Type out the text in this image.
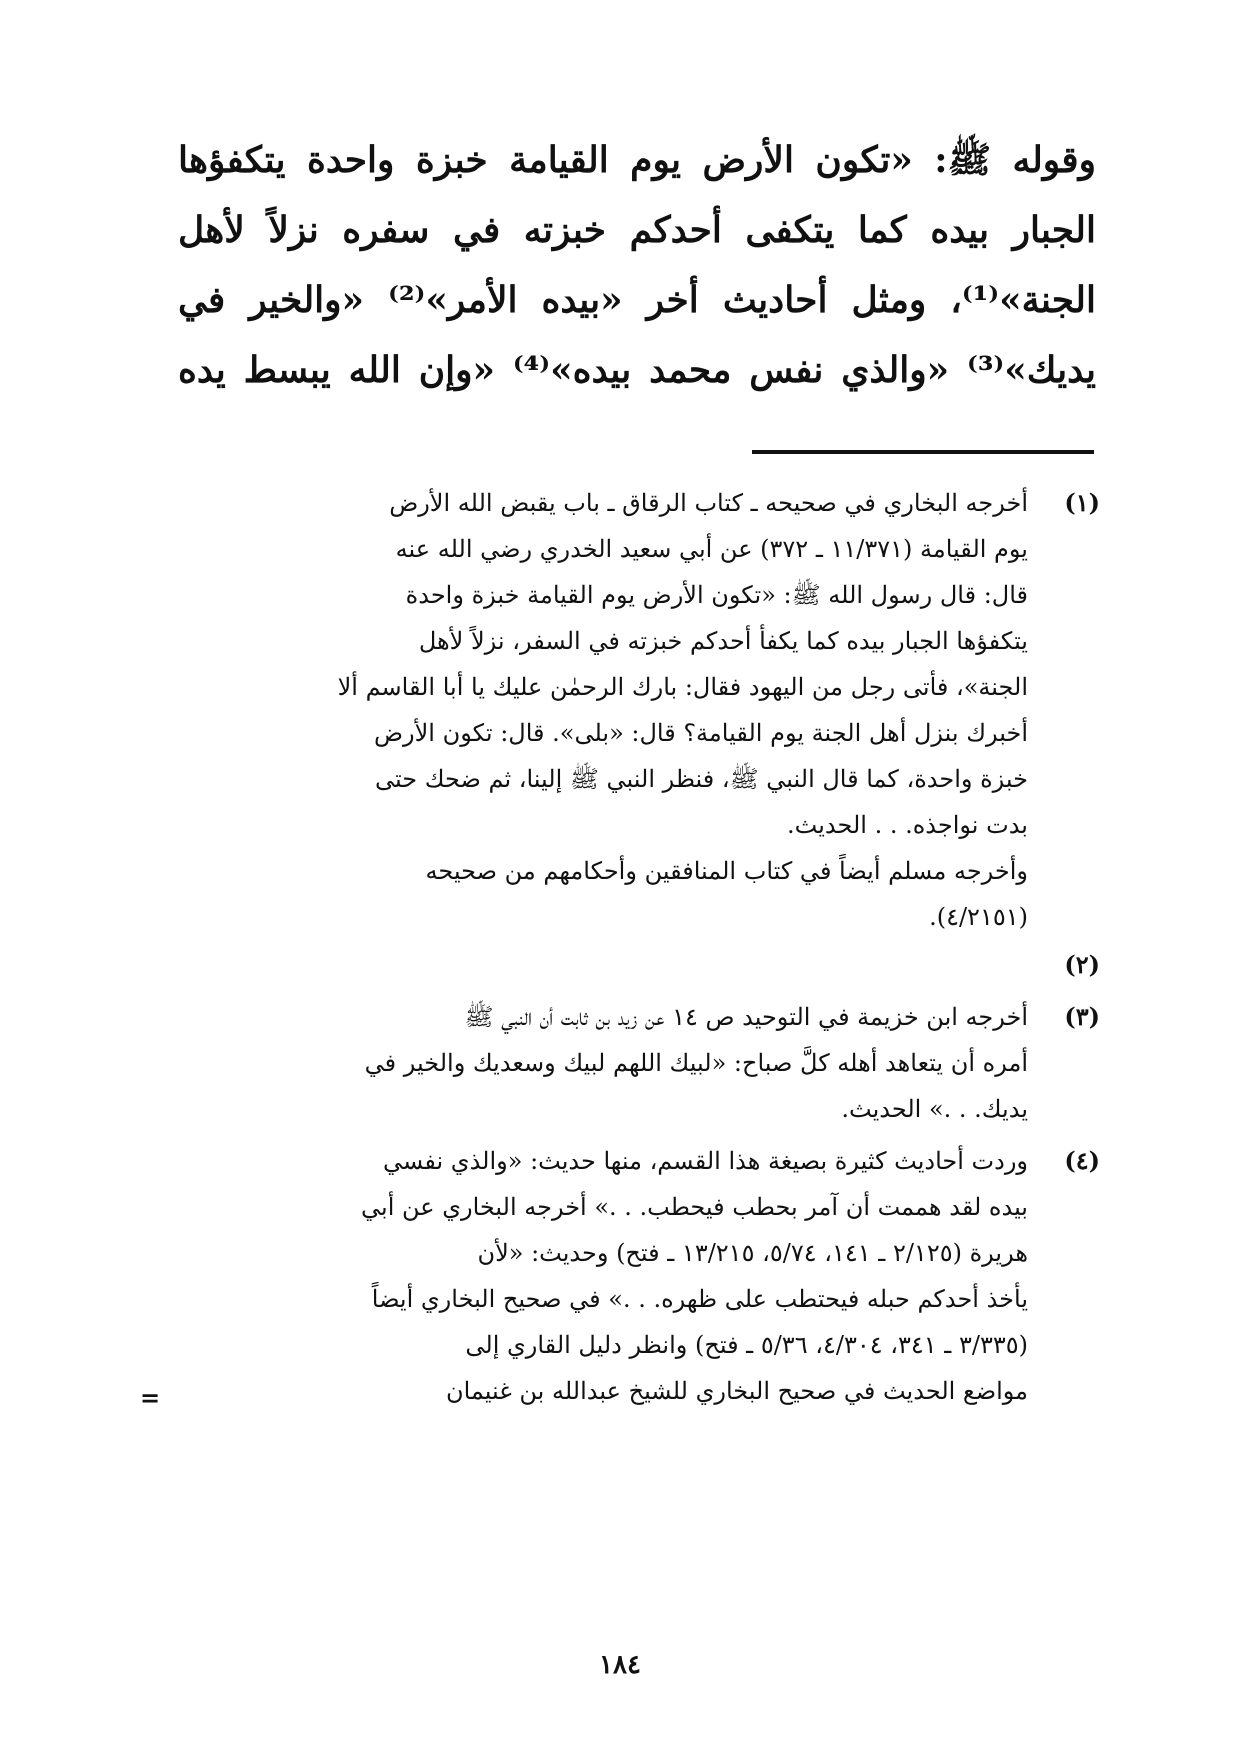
وقوله ﷺ: «تكون الأرض يوم القيامة خبزة واحدة يتكفؤها
الجبار بيده كما يتكفى أحدكم خبزته في سفره نزلاً لأهل
الجنة»⁽¹⁾، ومثل أحاديث أخر «بيده الأمر»⁽²⁾ «والخير في
يديك»⁽³⁾ «والذي نفس محمد بيده»⁽⁴⁾ «وإن الله يبسط يده
(١)
أخرجه البخاري في صحيحه ـ كتاب الرقاق ـ باب يقبض الله الأرض
يوم القيامة (١١/٣٧١ ـ ٣٧٢) عن أبي سعيد الخدري رضي الله عنه
قال: قال رسول الله ﷺ: «تكون الأرض يوم القيامة خبزة واحدة
يتكفؤها الجبار بيده كما يكفأ أحدكم خبزته في السفر، نزلاً لأهل
الجنة»، فأتى رجل من اليهود فقال: بارك الرحمٰن عليك يا أبا القاسم ألا
أخبرك بنزل أهل الجنة يوم القيامة؟ قال: «بلى». قال: تكون الأرض
خبزة واحدة، كما قال النبي ﷺ، فنظر النبي ﷺ إلينا، ثم ضحك حتى
بدت نواجذه. . . الحديث.
وأخرجه مسلم أيضاً في كتاب المنافقين وأحكامهم من صحيحه
(٤/٢١٥١).
(٢)
(٣)
أخرجه ابن خزيمة في التوحيد ص ١٤ عن زيد بن ثابت أن النبي ﷺ
أمره أن يتعاهد أهله كلَّ صباح: «لبيك اللهم لبيك وسعديك والخير في
يديك. . .» الحديث.
(٤)
وردت أحاديث كثيرة بصيغة هذا القسم، منها حديث: «والذي نفسي
بيده لقد هممت أن آمر بحطب فيحطب. . .» أخرجه البخاري عن أبي
هريرة (٢/١٢٥ ـ ١٤١، ٥/٧٤، ١٣/٢١٥ ـ فتح) وحديث: «لأن
يأخذ أحدكم حبله فيحتطب على ظهره. . .» في صحيح البخاري أيضاً
(٣/٣٣٥ ـ ٣٤١، ٤/٣٠٤، ٥/٣٦ ـ فتح) وانظر دليل القاري إلى
مواضع الحديث في صحيح البخاري للشيخ عبدالله بن غنيمان
=
١٨٤
